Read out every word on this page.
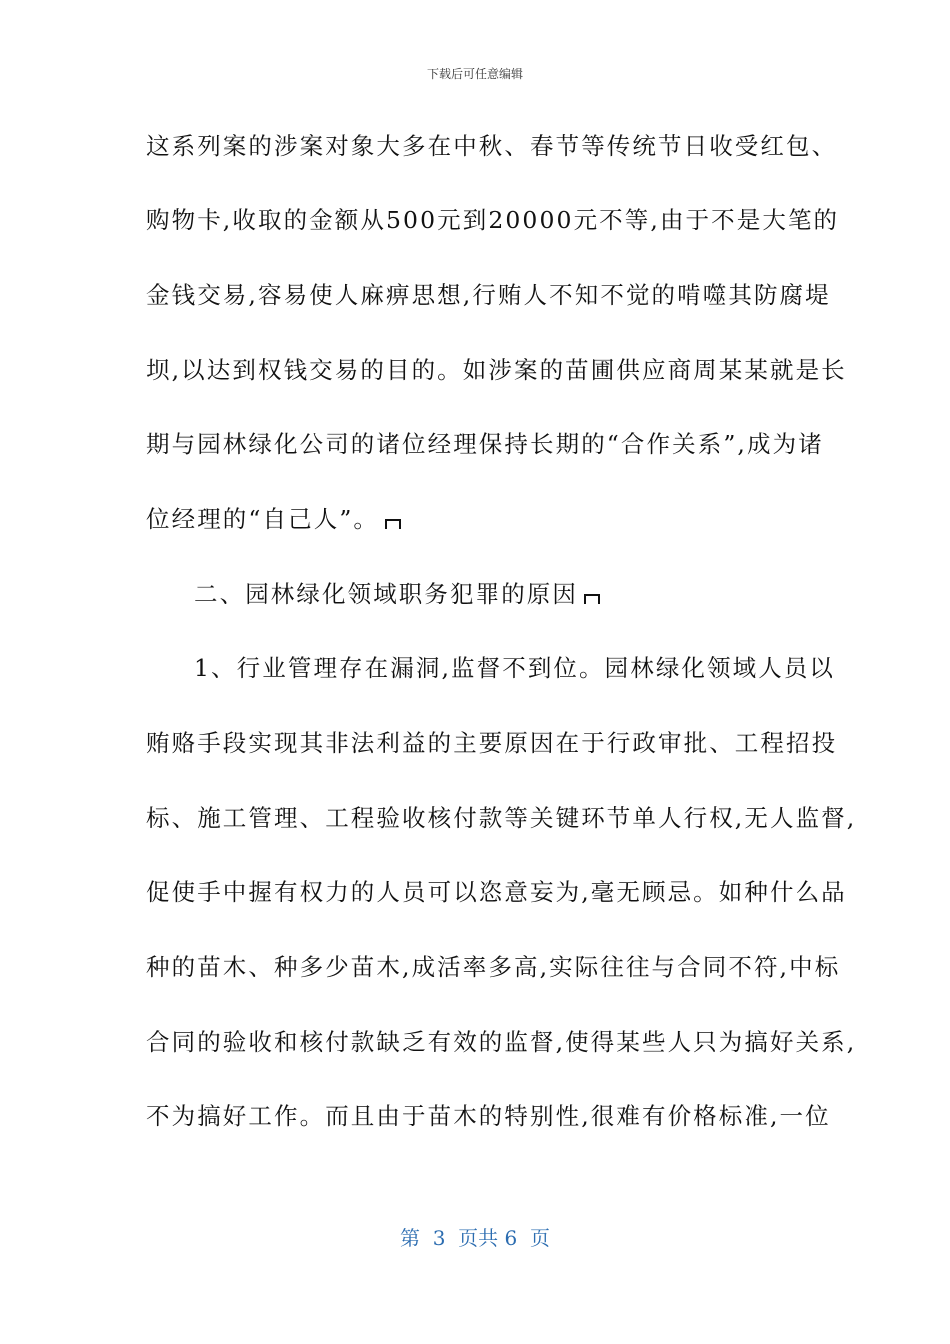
下载后可任意编辑
这系列案的涉案对象大多在中秋、春节等传统节日收受红包、
购物卡,收取的金额从500元到20000元不等,由于不是大笔的
金钱交易,容易使人麻痹思想,行贿人不知不觉的啃噬其防腐堤
坝,以达到权钱交易的目的。如涉案的苗圃供应商周某某就是长
期与园林绿化公司的诸位经理保持长期的“合作关系”,成为诸
位经理的“自己人”。
二、园林绿化领域职务犯罪的原因
1、行业管理存在漏洞,监督不到位。园林绿化领域人员以
贿赂手段实现其非法利益的主要原因在于行政审批、工程招投
标、施工管理、工程验收核付款等关键环节单人行权,无人监督,
促使手中握有权力的人员可以恣意妄为,毫无顾忌。如种什么品
种的苗木、种多少苗木,成活率多高,实际往往与合同不符,中标
合同的验收和核付款缺乏有效的监督,使得某些人只为搞好关系,
不为搞好工作。而且由于苗木的特别性,很难有价格标准,一位
第  3  页共 6  页
